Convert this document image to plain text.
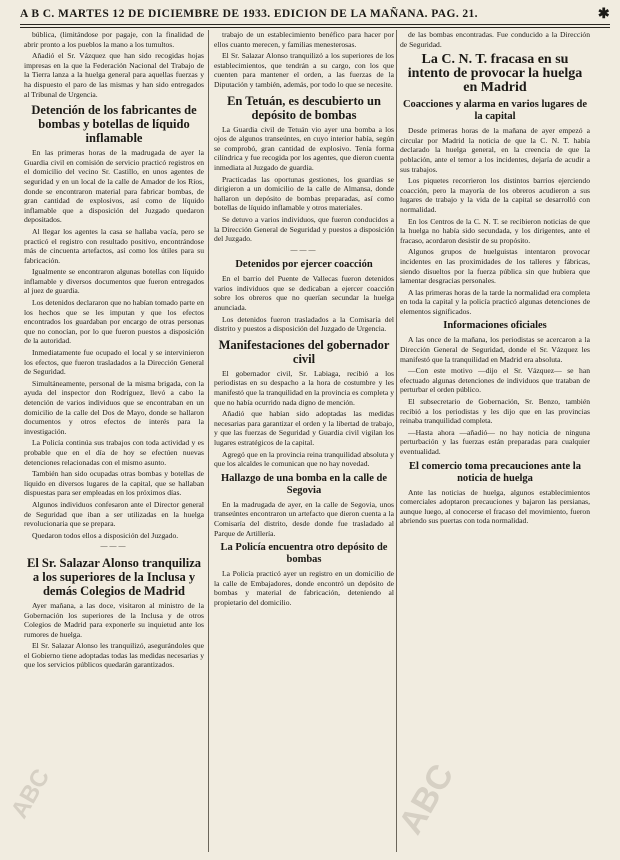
A B C. MARTES 12 DE DICIEMBRE DE 1933. EDICION DE LA MAÑANA. PAG. 21.	✱

bública, (limitándose por pagaje, con la finalidad de abrir pronto a los pueblos la mano a los tumultos.

Añadió el Sr. Vázquez que han sido recogidas hojas impresas en la que la Federación Nacional del Trabajo de la Tierra lanza a la huelga general para aquellas fuerzas y ha dispuesto el paro de las mismas y han sido entregados al Tribunal de Urgencia.

Detención de los fabricantes de bombas y botellas de líquido inflamable

En las primeras horas de la madrugada de ayer la Guardia civil en comisión de servicio practicó registros en el domicilio del vecino Sr. Castillo, en unos agentes de seguridad y en un local de la calle de Amador de los Ríos, donde se encontraron material para fabricar bombas, de gran cantidad de explosivos, así como de líquido inflamable que a disposición del Juzgado quedaron depositados.

Al llegar los agentes la casa se hallaba vacía, pero se practicó el registro con resultado positivo, encontrándose más de cincuenta artefactos, así como los útiles para su fabricación.

Igualmente se encontraron algunas botellas con líquido inflamable y diversos documentos que fueron entregados al juez de guardia.

Los detenidos declararon que no habían tomado parte en los hechos que se les imputan y que los efectos encontrados los guardaban por encargo de otras personas que no conocían, por lo que fueron puestos a disposición de la autoridad.

Inmediatamente fue ocupado el local y se intervinieron los efectos, que fueron trasladados a la Dirección General de Seguridad.

Simultáneamente, personal de la misma brigada, con la ayuda del inspector don Rodríguez, llevó a cabo la detención de varios individuos que se encontraban en un domicilio de la calle del Dos de Mayo, donde se hallaron documentos y otros efectos de interés para la investigación.

La Policía continúa sus trabajos con toda actividad y es probable que en el día de hoy se efectúen nuevas detenciones relacionadas con el mismo asunto.

También han sido ocupadas otras bombas y botellas de líquido en diversos lugares de la capital, que se hallaban dispuestas para ser empleadas en los próximos días.

Algunos individuos confesaron ante el Director general de Seguridad que iban a ser utilizadas en la huelga revolucionaria que se prepara.

Quedaron todos ellos a disposición del Juzgado.

———
El Sr. Salazar Alonso tranquiliza a los superiores de la Inclusa y demás Colegios de Madrid

Ayer mañana, a las doce, visitaron al ministro de la Gobernación los superiores de la Inclusa y de otros Colegios de Madrid para exponerle su inquietud ante los rumores de huelga.

El Sr. Salazar Alonso les tranquilizó, asegurándoles que el Gobierno tiene adoptadas todas las medidas necesarias y que los servicios públicos quedarán garantizados.

trabajo de un establecimiento benéfico para hacer por ellos cuanto merecen, y familias menesterosas.

El Sr. Salazar Alonso tranquilizó a los superiores de los establecimientos, que tendrán a su cargo, con los que cuenten para mantener el orden, a las fuerzas de la Diputación y también, además, por todo lo que se necesite.

En Tetuán, es descubierto un depósito de bombas

La Guardia civil de Tetuán vio ayer una bomba a los ojos de algunos transeúntes, en cuyo interior había, según se comprobó, gran cantidad de explosivo. Tenía forma cilíndrica y fue recogida por los agentes, que dieron cuenta inmediata al Juzgado de guardia.

Practicadas las oportunas gestiones, los guardias se dirigieron a un domicilio de la calle de Almansa, donde hallaron un depósito de bombas preparadas, así como botellas de líquido inflamable y otros materiales.

Se detuvo a varios individuos, que fueron conducidos a la Dirección General de Seguridad y puestos a disposición del Juzgado.

———
Detenidos por ejercer coacción

En el barrio del Puente de Vallecas fueron detenidos varios individuos que se dedicaban a ejercer coacción sobre los obreros que no querían secundar la huelga anunciada.

Los detenidos fueron trasladados a la Comisaría del distrito y puestos a disposición del Juzgado de Urgencia.

Manifestaciones del gobernador civil

El gobernador civil, Sr. Labiaga, recibió a los periodistas en su despacho a la hora de costumbre y les manifestó que la tranquilidad en la provincia es completa y que no había ocurrido nada digno de mención.

Añadió que habían sido adoptadas las medidas necesarias para garantizar el orden y la libertad de trabajo, y que las fuerzas de Seguridad y Guardia civil vigilan los lugares estratégicos de la capital.

Agregó que en la provincia reina tranquilidad absoluta y que los alcaldes le comunican que no hay novedad.

Hallazgo de una bomba en la calle de Segovia

En la madrugada de ayer, en la calle de Segovia, unos transeúntes encontraron un artefacto que dieron cuenta a la Comisaría del distrito, desde donde fue trasladado al Parque de Artillería.

La Policía encuentra otro depósito de bombas

La Policía practicó ayer un registro en un domicilio de la calle de Embajadores, donde encontró un depósito de bombas y material de fabricación, deteniendo al propietario del domicilio.

de las bombas encontradas. Fue conducido a la Dirección de Seguridad.

La C. N. T. fracasa en su intento de provocar la huelga en Madrid
Coacciones y alarma en varios lugares de la capital

Desde primeras horas de la mañana de ayer empezó a circular por Madrid la noticia de que la C. N. T. había declarado la huelga general, en la creencia de que la población, ante el temor a los incidentes, dejaría de acudir a sus trabajos.

Los piquetes recorrieron los distintos barrios ejerciendo coacción, pero la mayoría de los obreros acudieron a sus lugares de trabajo y la vida de la capital se desarrolló con normalidad.

En los Centros de la C. N. T. se recibieron noticias de que la huelga no había sido secundada, y los dirigentes, ante el fracaso, acordaron desistir de su propósito.

Algunos grupos de huelguistas intentaron provocar incidentes en las proximidades de los talleres y fábricas, siendo disueltos por la fuerza pública sin que hubiera que lamentar desgracias personales.

A las primeras horas de la tarde la normalidad era completa en toda la capital y la policía practicó algunas detenciones de elementos significados.

Informaciones oficiales

A las once de la mañana, los periodistas se acercaron a la Dirección General de Seguridad, donde el Sr. Vázquez les manifestó que la tranquilidad en Madrid era absoluta.

—Con este motivo —dijo el Sr. Vázquez— se han efectuado algunas detenciones de individuos que trataban de perturbar el orden público.

El subsecretario de Gobernación, Sr. Benzo, también recibió a los periodistas y les dijo que en las provincias reinaba tranquilidad completa.

—Hasta ahora —añadió— no hay noticia de ninguna perturbación y las fuerzas están preparadas para cualquier eventualidad.

El comercio toma precauciones ante la noticia de huelga

Ante las noticias de huelga, algunos establecimientos comerciales adoptaron precauciones y bajaron las persianas, aunque luego, al conocerse el fracaso del movimiento, fueron abriendo sus puertas con toda normalidad.

ABC
ABC
